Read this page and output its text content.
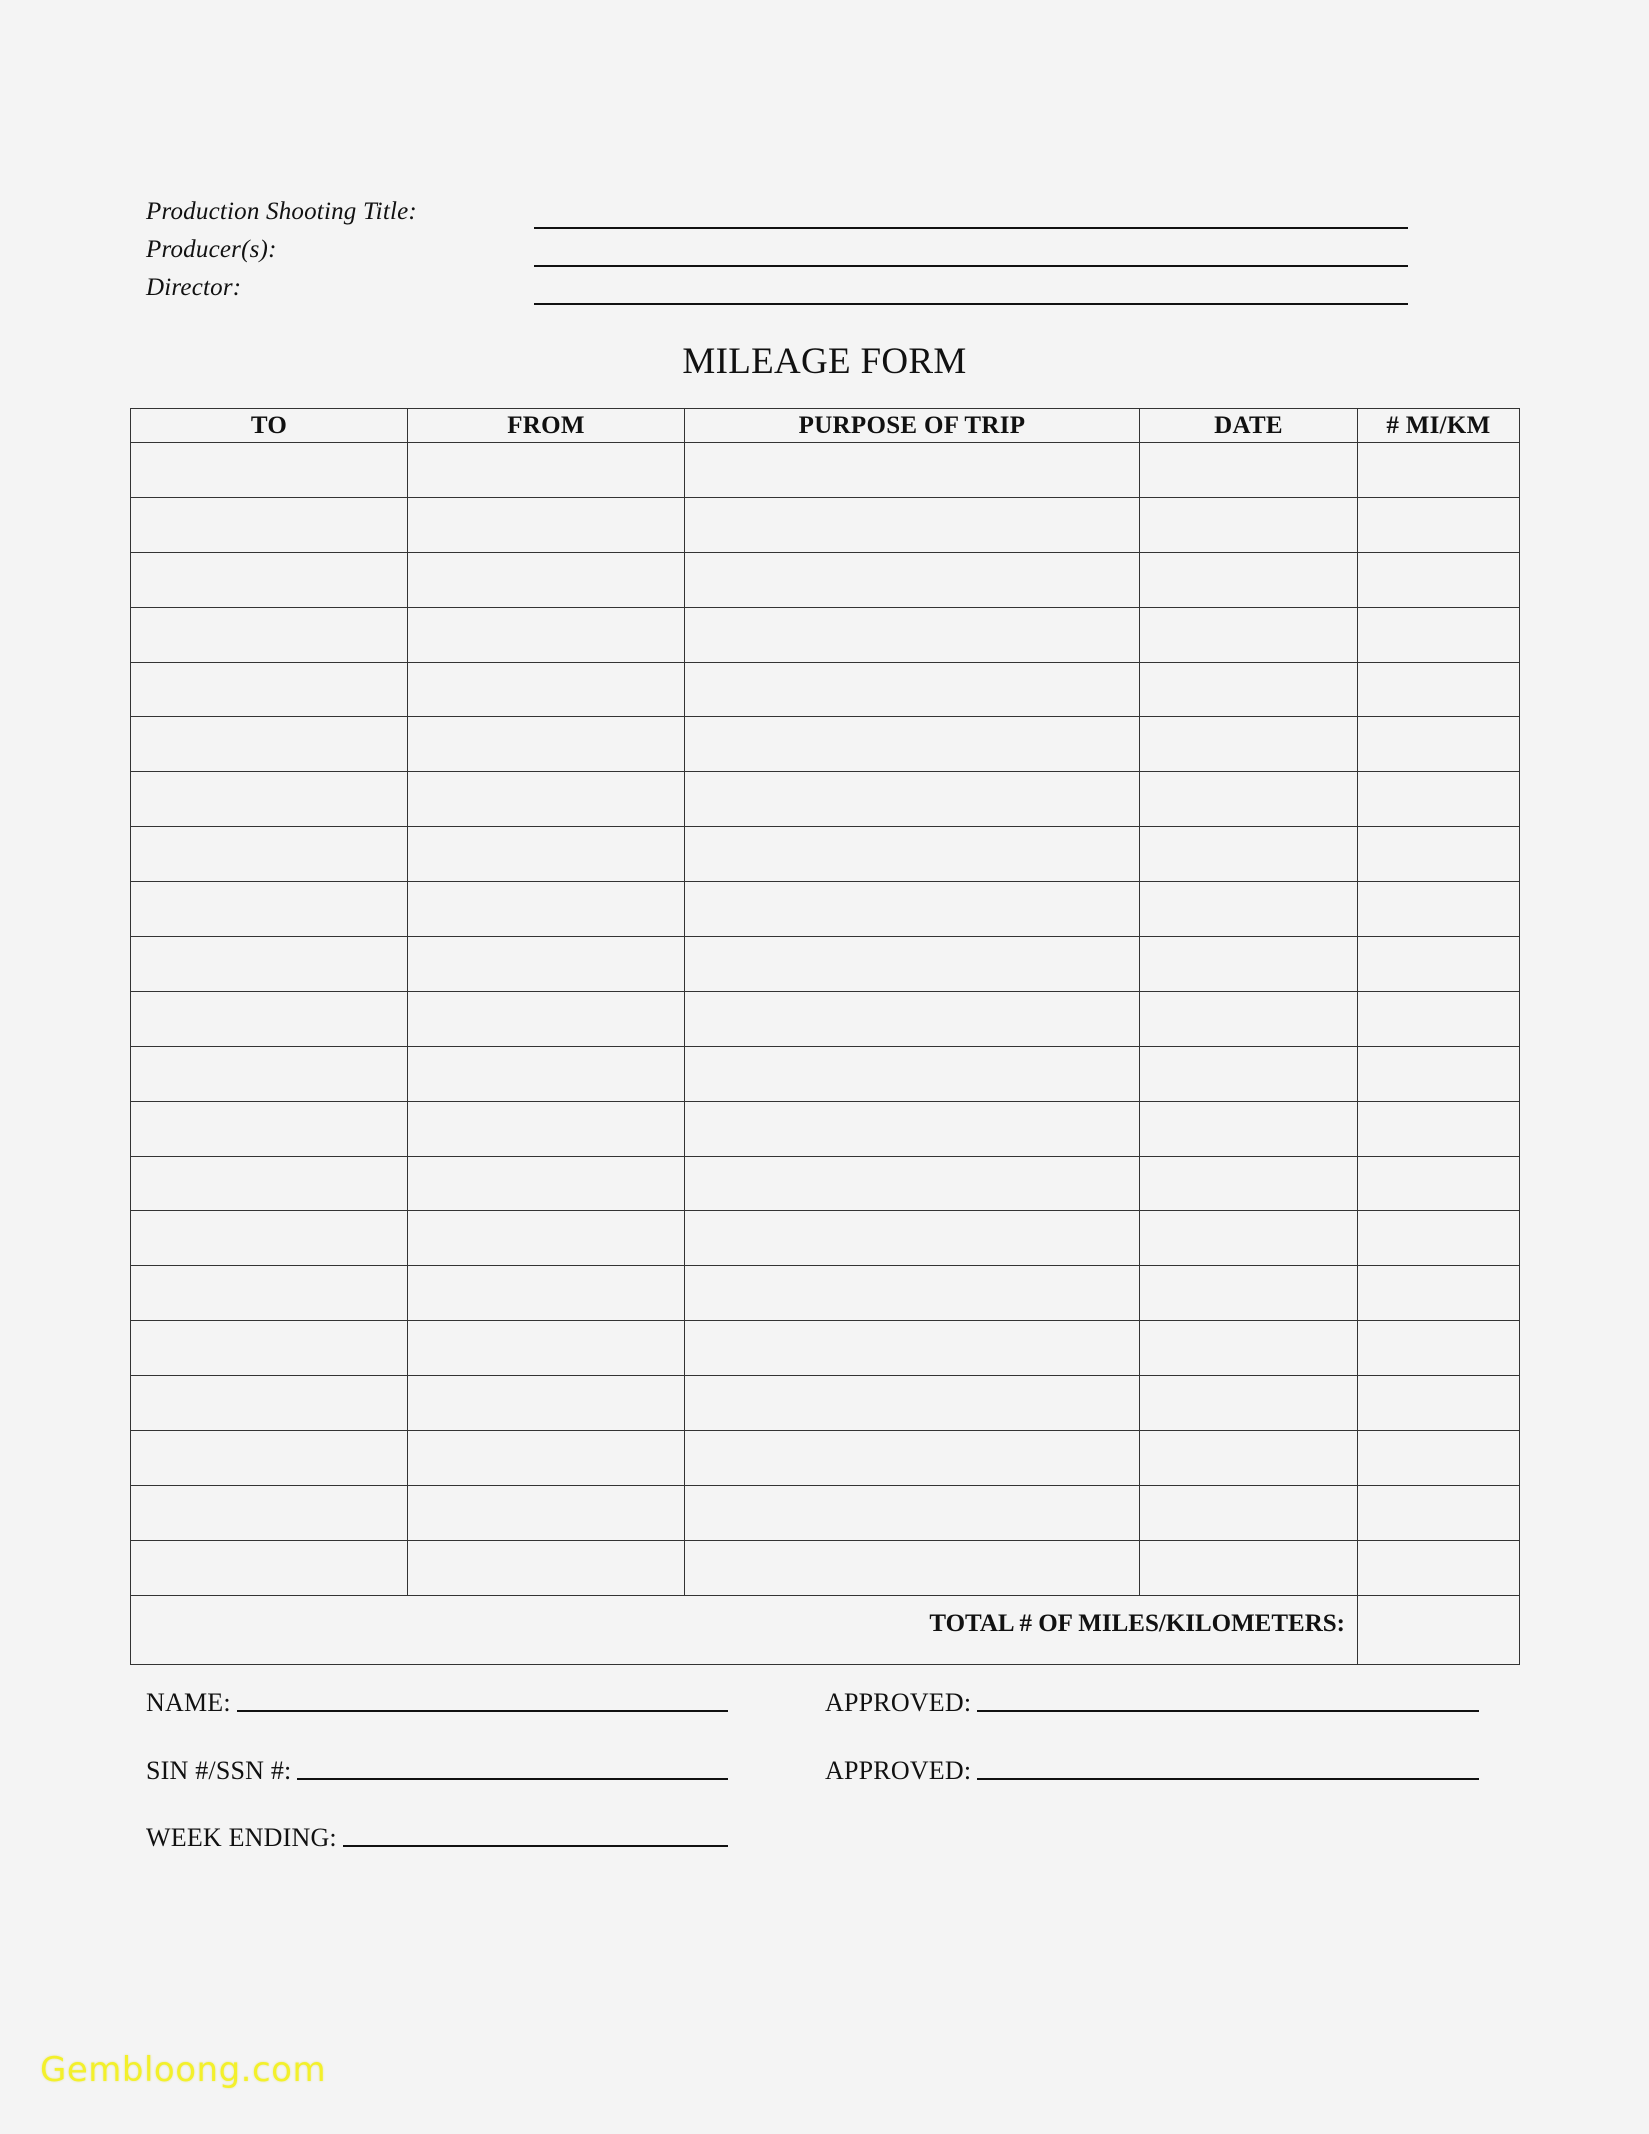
Production Shooting Title:
Producer(s):
Director:
MILEAGE FORM
TO	FROM	PURPOSE OF TRIP	DATE	# MI/KM

TOTAL # OF MILES/KILOMETERS:				
NAME:
SIN #/SSN #:
WEEK ENDING:
APPROVED:
APPROVED:
Gembloong.com
